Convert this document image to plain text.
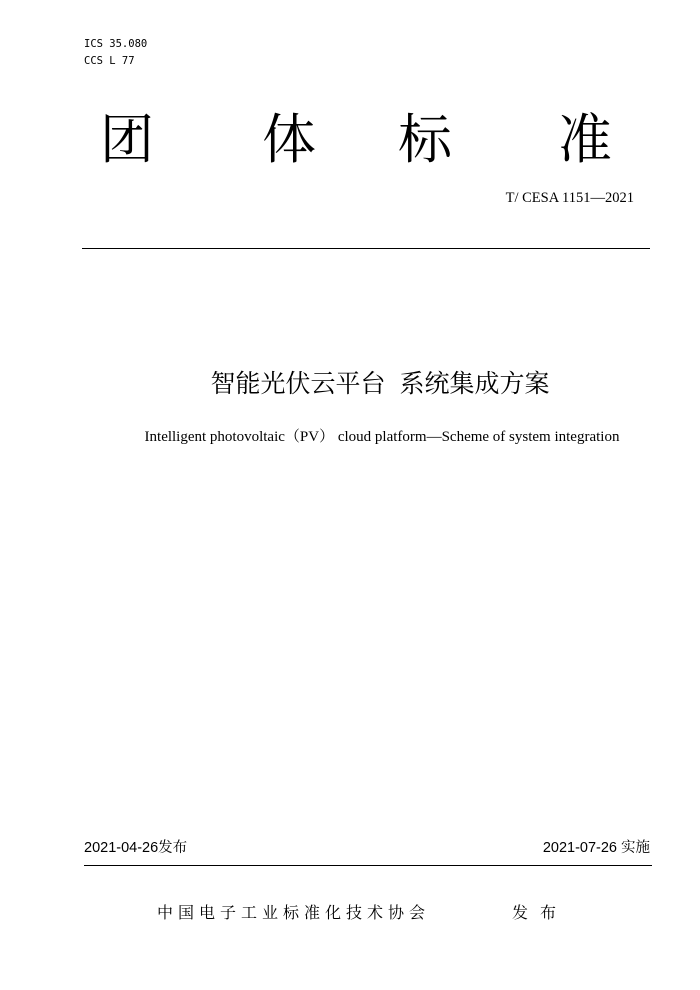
ICS 35.080
CCS L 77
团 体 标 准
T/ CESA 1151—2021
智能光伏云平台 系统集成方案
Intelligent photovoltaic（PV） cloud platform—Scheme of system integration
2021-04-26发布	2021-07-26 实施
中国电子工业标准化技术协会	发布
